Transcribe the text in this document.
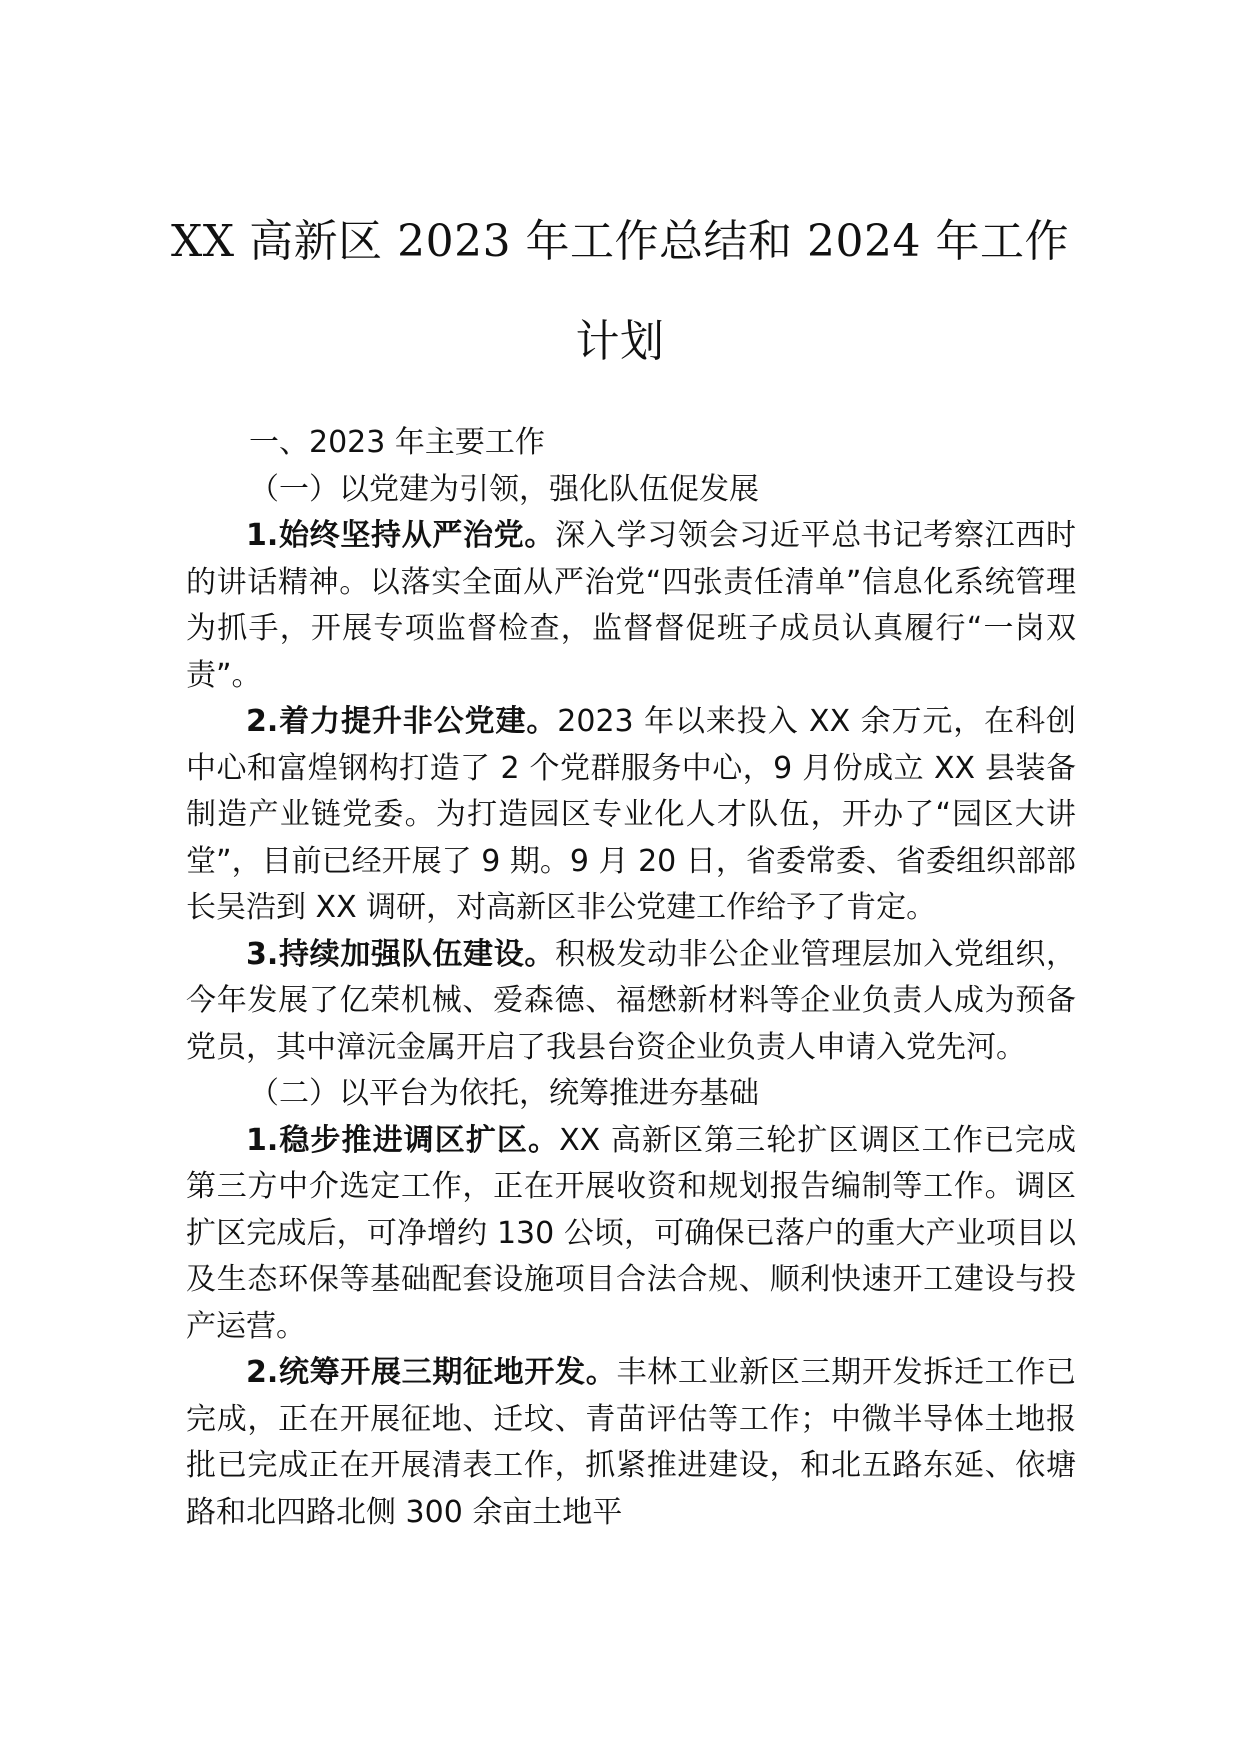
XX 高新区 2023 年工作总结和 2024 年工作计划

一、2023 年主要工作

（一）以党建为引领，强化队伍促发展

1.始终坚持从严治党。深入学习领会习近平总书记考察江西时的讲话精神。以落实全面从严治党“四张责任清单”信息化系统管理为抓手，开展专项监督检查，监督督促班子成员认真履行“一岗双责”。

2.着力提升非公党建。2023 年以来投入 XX 余万元，在科创中心和富煌钢构打造了 2 个党群服务中心，9 月份成立 XX 县装备制造产业链党委。为打造园区专业化人才队伍，开办了“园区大讲堂”，目前已经开展了 9 期。9 月 20 日，省委常委、省委组织部部长吴浩到 XX 调研，对高新区非公党建工作给予了肯定。

3.持续加强队伍建设。积极发动非公企业管理层加入党组织，今年发展了亿荣机械、爱森德、福懋新材料等企业负责人成为预备党员，其中漳沅金属开启了我县台资企业负责人申请入党先河。

（二）以平台为依托，统筹推进夯基础

1.稳步推进调区扩区。XX 高新区第三轮扩区调区工作已完成第三方中介选定工作，正在开展收资和规划报告编制等工作。调区扩区完成后，可净增约 130 公顷，可确保已落户的重大产业项目以及生态环保等基础配套设施项目合法合规、顺利快速开工建设与投产运营。

2.统筹开展三期征地开发。丰林工业新区三期开发拆迁工作已完成，正在开展征地、迁坟、青苗评估等工作；中微半导体土地报批已完成正在开展清表工作，抓紧推进建设，和北五路东延、依塘路和北四路北侧 300 余亩土地平
